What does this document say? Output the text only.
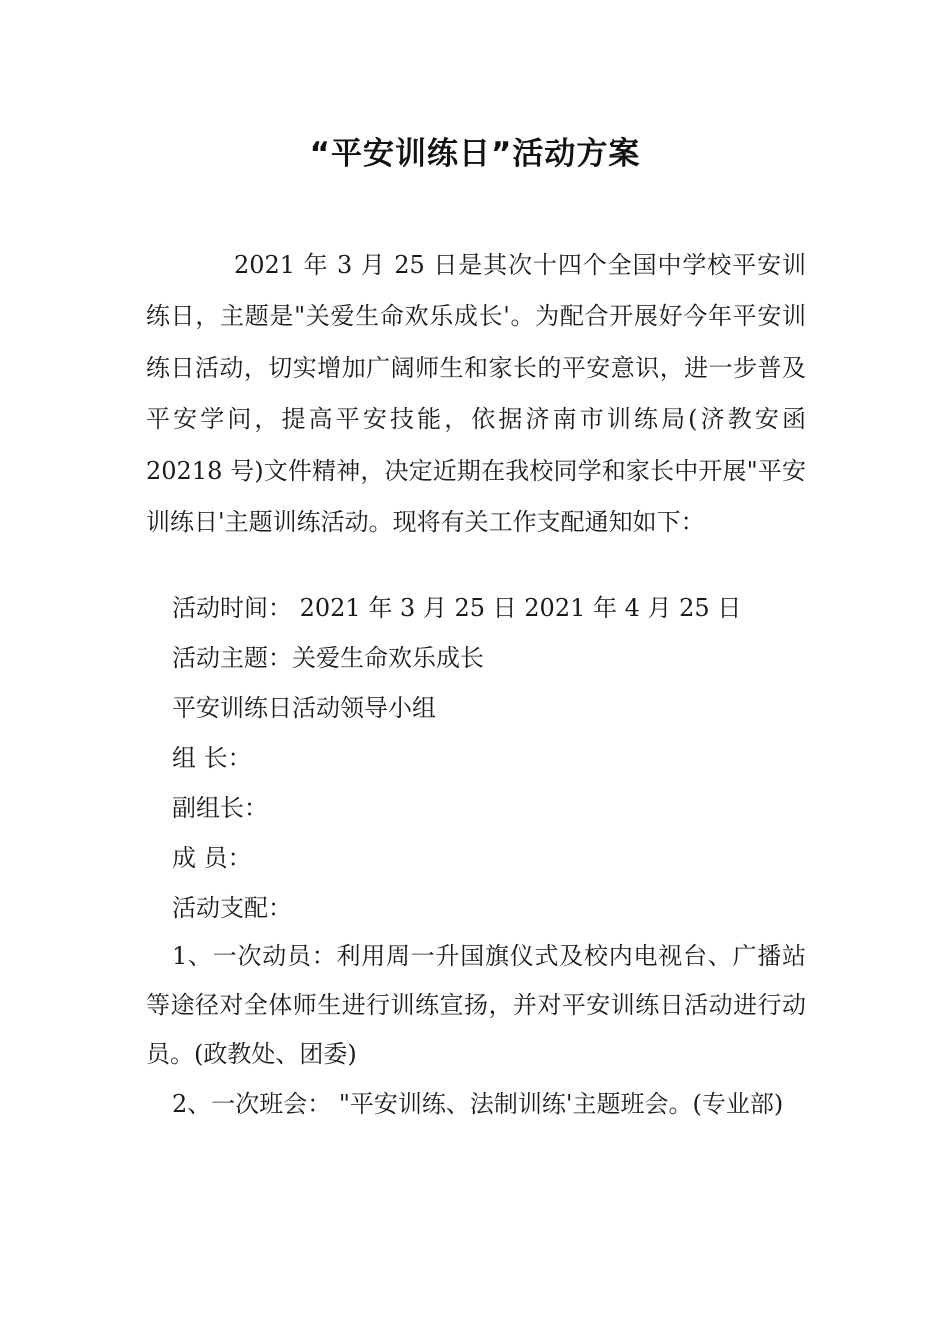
“平安训练日”活动方案
2021 年 3 月 25 日是其次十四个全国中学校平安训练日，主题是"关爱生命欢乐成长'。为配合开展好今年平安训练日活动，切实增加广阔师生和家长的平安意识，进一步普及平安学问，提高平安技能，依据济南市训练局(济教安函 20218 号)文件精神，决定近期在我校同学和家长中开展"平安训练日'主题训练活动。现将有关工作支配通知如下：
活动时间： 2021 年 3 月 25 日 2021 年 4 月 25 日
活动主题：关爱生命欢乐成长
平安训练日活动领导小组
组 长：
副组长：
成 员：
活动支配：
1、一次动员：利用周一升国旗仪式及校内电视台、广播站等途径对全体师生进行训练宣扬，并对平安训练日活动进行动员。(政教处、团委)
2、一次班会： "平安训练、法制训练'主题班会。(专业部)
